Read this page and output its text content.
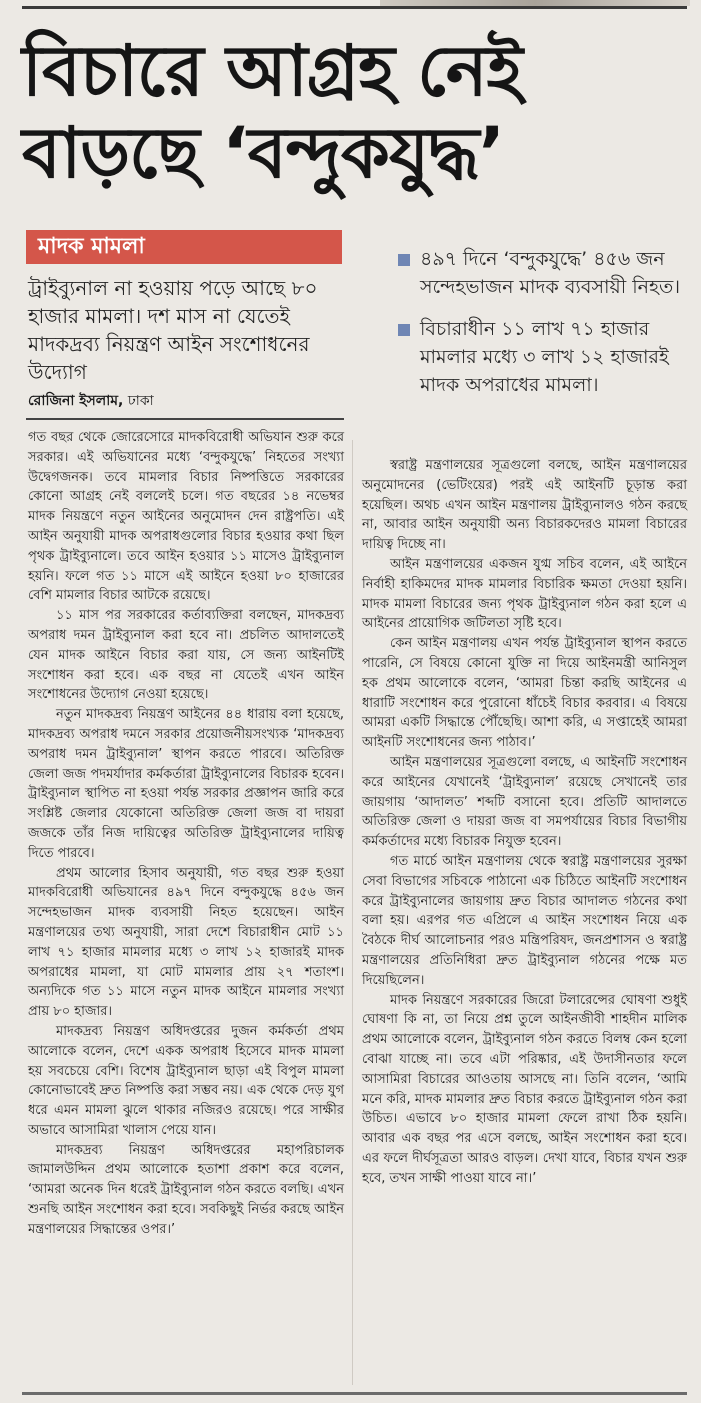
বিচারে আগ্রহ নেই
বাড়ছে ‘বন্দুকযুদ্ধ’
মাদক মামলা
ট্রাইব্যুনাল না হওয়ায় পড়ে আছে ৮০ হাজার মামলা। দশ মাস না যেতেই মাদকদ্রব্য নিয়ন্ত্রণ আইন সংশোধনের উদ্যোগ
রোজিনা ইসলাম, ঢাকা
৪৯৭ দিনে ‘বন্দুকযুদ্ধে’ ৪৫৬ জন সন্দেহভাজন মাদক ব্যবসায়ী নিহত।
বিচারাধীন ১১ লাখ ৭১ হাজার মামলার মধ্যে ৩ লাখ ১২ হাজারই মাদক অপরাধের মামলা।

গত বছর থেকে জোরেসোরে মাদকবিরোধী অভিযান শুরু করে সরকার। এই অভিযানের মধ্যে ‘বন্দুকযুদ্ধে’ নিহতের সংখ্যা উদ্বেগজনক। তবে মামলার বিচার নিষ্পত্তিতে সরকারের কোনো আগ্রহ নেই বললেই চলে। গত বছরের ১৪ নভেম্বর মাদক নিয়ন্ত্রণে নতুন আইনের অনুমোদন দেন রাষ্ট্রপতি। এই আইন অনুযায়ী মাদক অপরাধগুলোর বিচার হওয়ার কথা ছিল পৃথক ট্রাইব্যুনালে। তবে আইন হওয়ার ১১ মাসেও ট্রাইব্যুনাল হয়নি। ফলে গত ১১ মাসে এই আইনে হওয়া ৮০ হাজারের বেশি মামলার বিচার আটকে রয়েছে।

১১ মাস পর সরকারের কর্তাব্যক্তিরা বলছেন, মাদকদ্রব্য অপরাধ দমন ট্রাইব্যুনাল করা হবে না। প্রচলিত আদালতেই যেন মাদক আইনে বিচার করা যায়, সে জন্য আইনটিই সংশোধন করা হবে। এক বছর না যেতেই এখন আইন সংশোধনের উদ্যোগ নেওয়া হয়েছে।

নতুন মাদকদ্রব্য নিয়ন্ত্রণ আইনের ৪৪ ধারায় বলা হয়েছে, মাদকদ্রব্য অপরাধ দমনে সরকার প্রয়োজনীয়সংখ্যক ‘মাদকদ্রব্য অপরাধ দমন ট্রাইব্যুনাল’ স্থাপন করতে পারবে। অতিরিক্ত জেলা জজ পদমর্যাদার কর্মকর্তারা ট্রাইব্যুনালের বিচারক হবেন। ট্রাইব্যুনাল স্থাপিত না হওয়া পর্যন্ত সরকার প্রজ্ঞাপন জারি করে সংশ্লিষ্ট জেলার যেকোনো অতিরিক্ত জেলা জজ বা দায়রা জজকে তাঁর নিজ দায়িত্বের অতিরিক্ত ট্রাইব্যুনালের দায়িত্ব দিতে পারবে।

প্রথম আলোর হিসাব অনুযায়ী, গত বছর শুরু হওয়া মাদকবিরোধী অভিযানের ৪৯৭ দিনে বন্দুকযুদ্ধে ৪৫৬ জন সন্দেহভাজন মাদক ব্যবসায়ী নিহত হয়েছেন। আইন মন্ত্রণালয়ের তথ্য অনুযায়ী, সারা দেশে বিচারাধীন মোট ১১ লাখ ৭১ হাজার মামলার মধ্যে ৩ লাখ ১২ হাজারই মাদক অপরাধের মামলা, যা মোট মামলার প্রায় ২৭ শতাংশ। অন্যদিকে গত ১১ মাসে নতুন মাদক আইনে মামলার সংখ্যা প্রায় ৮০ হাজার।

মাদকদ্রব্য নিয়ন্ত্রণ অধিদপ্তরের দুজন কর্মকর্তা প্রথম আলোকে বলেন, দেশে একক অপরাধ হিসেবে মাদক মামলা হয় সবচেয়ে বেশি। বিশেষ ট্রাইব্যুনাল ছাড়া এই বিপুল মামলা কোনোভাবেই দ্রুত নিষ্পত্তি করা সম্ভব নয়। এক থেকে দেড় যুগ ধরে এমন মামলা ঝুলে থাকার নজিরও রয়েছে। পরে সাক্ষীর অভাবে আসামিরা খালাস পেয়ে যান।

মাদকদ্রব্য নিয়ন্ত্রণ অধিদপ্তরের মহাপরিচালক জামালউদ্দিন প্রথম আলোকে হতাশা প্রকাশ করে বলেন, ‘আমরা অনেক দিন ধরেই ট্রাইব্যুনাল গঠন করতে বলছি। এখন শুনছি আইন সংশোধন করা হবে। সবকিছুই নির্ভর করছে আইন মন্ত্রণালয়ের সিদ্ধান্তের ওপর।’

স্বরাষ্ট্র মন্ত্রণালয়ের সূত্রগুলো বলছে, আইন মন্ত্রণালয়ের অনুমোদনের (ভেটিংয়ের) পরই এই আইনটি চূড়ান্ত করা হয়েছিল। অথচ এখন আইন মন্ত্রণালয় ট্রাইব্যুনালও গঠন করছে না, আবার আইন অনুযায়ী অন্য বিচারকদেরও মামলা বিচারের দায়িত্ব দিচ্ছে না।

আইন মন্ত্রণালয়ের একজন যুগ্ম সচিব বলেন, এই আইনে নির্বাহী হাকিমদের মাদক মামলার বিচারিক ক্ষমতা দেওয়া হয়নি। মাদক মামলা বিচারের জন্য পৃথক ট্রাইব্যুনাল গঠন করা হলে এ আইনের প্রায়োগিক জটিলতা সৃষ্টি হবে।

কেন আইন মন্ত্রণালয় এখন পর্যন্ত ট্রাইব্যুনাল স্থাপন করতে পারেনি, সে বিষয়ে কোনো যুক্তি না দিয়ে আইনমন্ত্রী আনিসুল হক প্রথম আলোকে বলেন, ‘আমরা চিন্তা করছি আইনের এ ধারাটি সংশোধন করে পুরোনো ধাঁচেই বিচার করবার। এ বিষয়ে আমরা একটি সিদ্ধান্তে পৌঁছেছি। আশা করি, এ সপ্তাহেই আমরা আইনটি সংশোধনের জন্য পাঠাব।’

আইন মন্ত্রণালয়ের সূত্রগুলো বলছে, এ আইনটি সংশোধন করে আইনের যেখানেই ‘ট্রাইব্যুনাল’ রয়েছে সেখানেই তার জায়গায় ‘আদালত’ শব্দটি বসানো হবে। প্রতিটি আদালতে অতিরিক্ত জেলা ও দায়রা জজ বা সমপর্যায়ের বিচার বিভাগীয় কর্মকর্তাদের মধ্যে বিচারক নিযুক্ত হবেন।

গত মার্চে আইন মন্ত্রণালয় থেকে স্বরাষ্ট্র মন্ত্রণালয়ের সুরক্ষা সেবা বিভাগের সচিবকে পাঠানো এক চিঠিতে আইনটি সংশোধন করে ট্রাইব্যুনালের জায়গায় দ্রুত বিচার আদালত গঠনের কথা বলা হয়। এরপর গত এপ্রিলে এ আইন সংশোধন নিয়ে এক বৈঠকে দীর্ঘ আলোচনার পরও মন্ত্রিপরিষদ, জনপ্রশাসন ও স্বরাষ্ট্র মন্ত্রণালয়ের প্রতিনিধিরা দ্রুত ট্রাইব্যুনাল গঠনের পক্ষে মত দিয়েছিলেন।

মাদক নিয়ন্ত্রণে সরকারের জিরো টলারেন্সের ঘোষণা শুধুই ঘোষণা কি না, তা নিয়ে প্রশ্ন তুলে আইনজীবী শাহদীন মালিক প্রথম আলোকে বলেন, ট্রাইব্যুনাল গঠন করতে বিলম্ব কেন হলো বোঝা যাচ্ছে না। তবে এটা পরিষ্কার, এই উদাসীনতার ফলে আসামিরা বিচারের আওতায় আসছে না। তিনি বলেন, ‘আমি মনে করি, মাদক মামলার দ্রুত বিচার করতে ট্রাইব্যুনাল গঠন করা উচিত। এভাবে ৮০ হাজার মামলা ফেলে রাখা ঠিক হয়নি। আবার এক বছর পর এসে বলছে, আইন সংশোধন করা হবে। এর ফলে দীর্ঘসূত্রতা আরও বাড়ল। দেখা যাবে, বিচার যখন শুরু হবে, তখন সাক্ষী পাওয়া যাবে না।’
